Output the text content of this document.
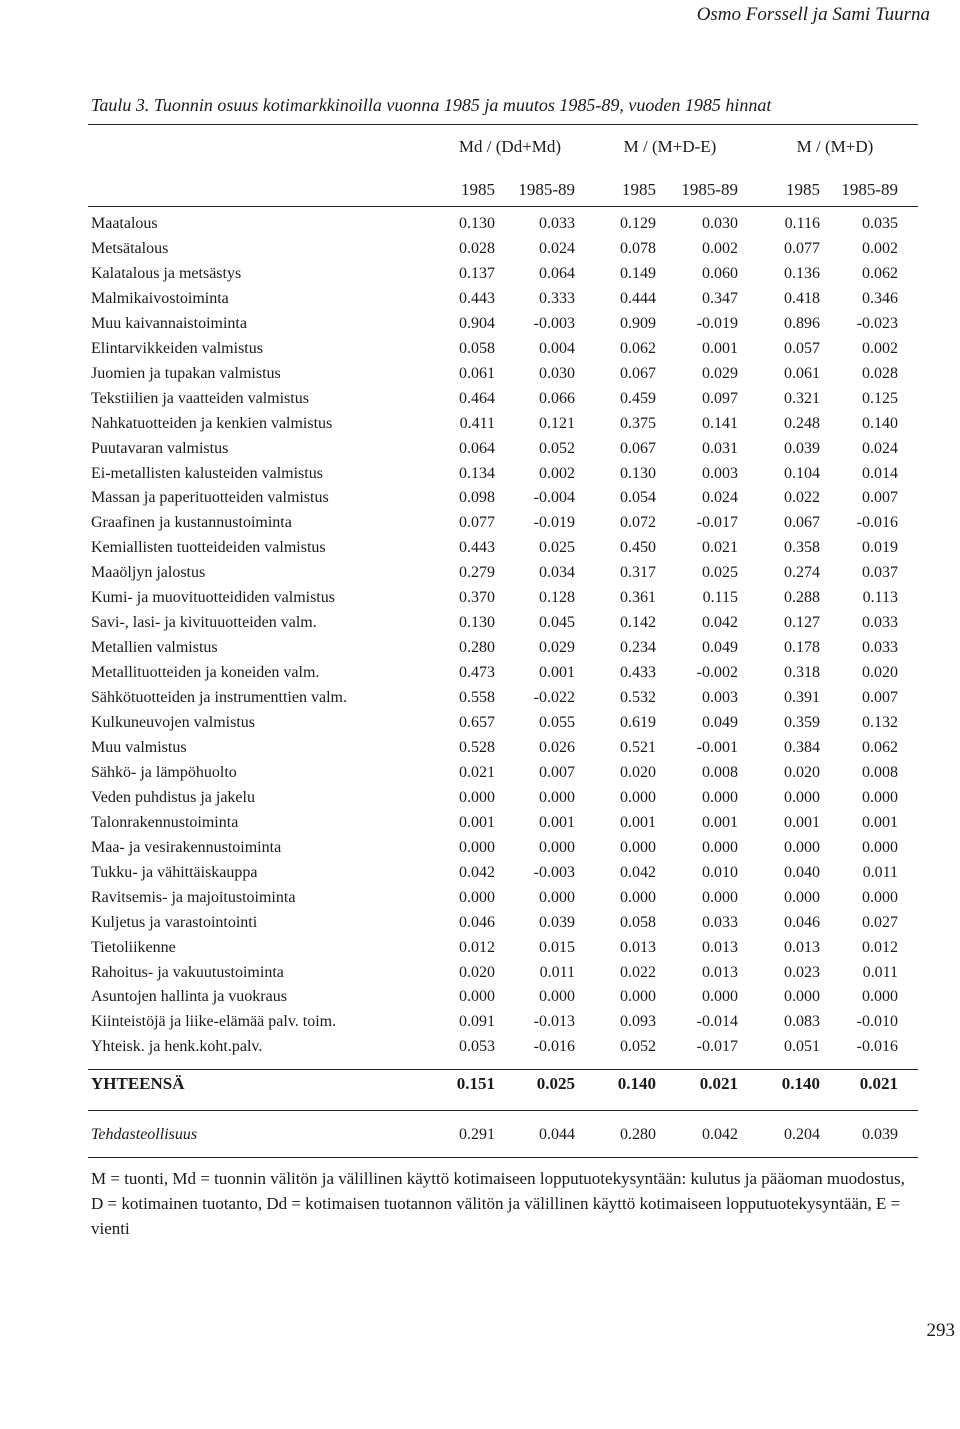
Osmo Forssell ja Sami Tuurna
Taulu 3. Tuonnin osuus kotimarkkinoilla vuonna 1985 ja muutos 1985-89, vuoden 1985 hinnat
Md / (Dd+Md)	M / (M+D-E)	M / (M+D)
1985	1985-89	1985	1985-89	1985	1985-89
Maatalous	0.130	0.033	0.129	0.030	0.116	0.035
Metsätalous	0.028	0.024	0.078	0.002	0.077	0.002
Kalatalous ja metsästys	0.137	0.064	0.149	0.060	0.136	0.062
Malmikaivostoiminta	0.443	0.333	0.444	0.347	0.418	0.346
Muu kaivannaistoiminta	0.904	-0.003	0.909	-0.019	0.896	-0.023
Elintarvikkeiden valmistus	0.058	0.004	0.062	0.001	0.057	0.002
Juomien ja tupakan valmistus	0.061	0.030	0.067	0.029	0.061	0.028
Tekstiilien ja vaatteiden valmistus	0.464	0.066	0.459	0.097	0.321	0.125
Nahkatuotteiden ja kenkien valmistus	0.411	0.121	0.375	0.141	0.248	0.140
Puutavaran valmistus	0.064	0.052	0.067	0.031	0.039	0.024
Ei-metallisten kalusteiden valmistus	0.134	0.002	0.130	0.003	0.104	0.014
Massan ja paperituotteiden valmistus	0.098	-0.004	0.054	0.024	0.022	0.007
Graafinen ja kustannustoiminta	0.077	-0.019	0.072	-0.017	0.067	-0.016
Kemiallisten tuotteideiden valmistus	0.443	0.025	0.450	0.021	0.358	0.019
Maaöljyn jalostus	0.279	0.034	0.317	0.025	0.274	0.037
Kumi- ja muovituotteididen valmistus	0.370	0.128	0.361	0.115	0.288	0.113
Savi-, lasi- ja kivituuotteiden valm.	0.130	0.045	0.142	0.042	0.127	0.033
Metallien valmistus	0.280	0.029	0.234	0.049	0.178	0.033
Metallituotteiden ja koneiden valm.	0.473	0.001	0.433	-0.002	0.318	0.020
Sähkötuotteiden ja instrumenttien valm.	0.558	-0.022	0.532	0.003	0.391	0.007
Kulkuneuvojen valmistus	0.657	0.055	0.619	0.049	0.359	0.132
Muu valmistus	0.528	0.026	0.521	-0.001	0.384	0.062
Sähkö- ja lämpöhuolto	0.021	0.007	0.020	0.008	0.020	0.008
Veden puhdistus ja jakelu	0.000	0.000	0.000	0.000	0.000	0.000
Talonrakennustoiminta	0.001	0.001	0.001	0.001	0.001	0.001
Maa- ja vesirakennustoiminta	0.000	0.000	0.000	0.000	0.000	0.000
Tukku- ja vähittäiskauppa	0.042	-0.003	0.042	0.010	0.040	0.011
Ravitsemis- ja majoitustoiminta	0.000	0.000	0.000	0.000	0.000	0.000
Kuljetus ja varastointointi	0.046	0.039	0.058	0.033	0.046	0.027
Tietoliikenne	0.012	0.015	0.013	0.013	0.013	0.012
Rahoitus- ja vakuutustoiminta	0.020	0.011	0.022	0.013	0.023	0.011
Asuntojen hallinta ja vuokraus	0.000	0.000	0.000	0.000	0.000	0.000
Kiinteistöjä ja liike-elämää palv. toim.	0.091	-0.013	0.093	-0.014	0.083	-0.010
Yhteisk. ja henk.koht.palv.	0.053	-0.016	0.052	-0.017	0.051	-0.016
YHTEENSÄ	0.151	0.025	0.140	0.021	0.140	0.021
Tehdasteollisuus	0.291	0.044	0.280	0.042	0.204	0.039
M = tuonti, Md = tuonnin välitön ja välillinen käyttö kotimaiseen lopputuotekysyntään: kulutus ja pääoman muodostus, D = kotimainen tuotanto, Dd = kotimaisen tuotannon välitön ja välillinen käyttö kotimaiseen lopputuotekysyntään, E = vienti
293
